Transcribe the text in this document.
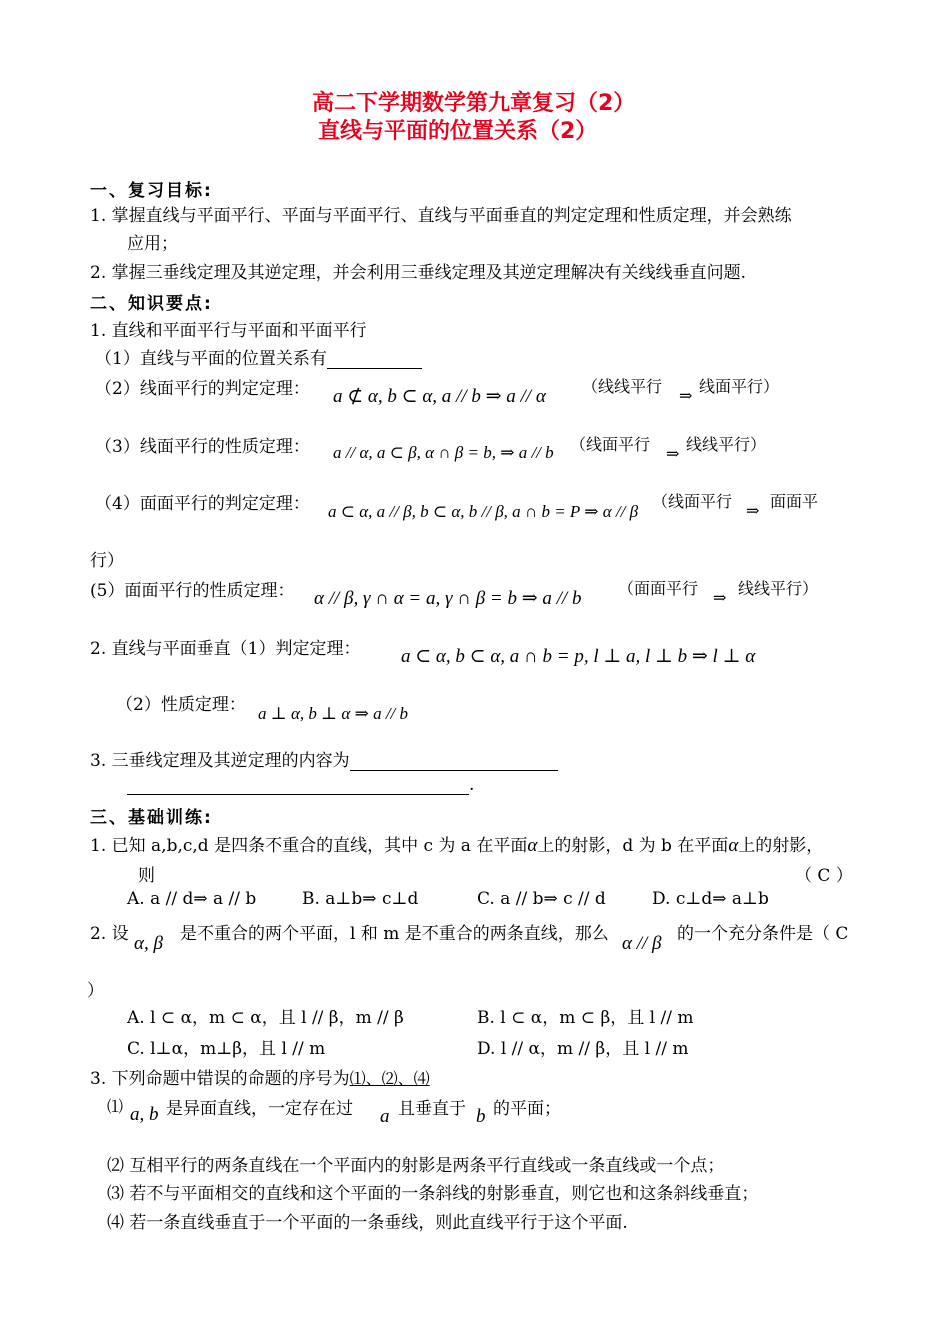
高二下学期数学第九章复习（2）
直线与平面的位置关系（2）
一、复习目标:
1. 掌握直线与平面平行、平面与平面平行、直线与平面垂直的判定定理和性质定理，并会熟练
应用；
2. 掌握三垂线定理及其逆定理，并会利用三垂线定理及其逆定理解决有关线线垂直问题.
二、知识要点:
1. 直线和平面平行与平面和平面平行
（1）直线与平面的位置关系有
（2）线面平行的判定定理： a ⊄ α, b ⊂ α, a // b ⇒ a // α （线线平行 ⇒ 线面平行）
（3）线面平行的性质定理： a // α, a ⊂ β, α ∩ β = b, ⇒ a // b （线面平行 ⇒ 线线平行）
（4）面面平行的判定定理： a ⊂ α, a // β, b ⊂ α, b // β, a ∩ b = P ⇒ α // β
（线面平行 ⇒ 面面平
行）
(5）面面平行的性质定理： α // β, γ ∩ α = a, γ ∩ β = b ⇒ a // b （面面平行 ⇒ 线线平行）
2. 直线与平面垂直（1）判定定理： a ⊂ α, b ⊂ α, a ∩ b = p, l ⊥ a, l ⊥ b ⇒ l ⊥ α
（2）性质定理： a ⊥ α, b ⊥ α ⇒ a // b
3. 三垂线定理及其逆定理的内容为
.
三、基础训练:
1. 已知 a,b,c,d 是四条不重合的直线，其中 c 为 a 在平面α上的射影，d 为 b 在平面α上的射影，
则	（ C ）
A. a // d⇒ a // b	B. a⊥b⇒ c⊥d	C. a // b⇒ c // d	D. c⊥d⇒ a⊥b
2. 设 α, β 是不重合的两个平面，l 和 m 是不重合的两条直线，那么 α // β 的一个充分条件是（ C
）
A. l ⊂ α，m ⊂ α，且 l // β，m // β	B. l ⊂ α，m ⊂ β，且 l // m
C. l⊥α，m⊥β，且 l // m	D. l // α，m // β，且 l // m
3. 下列命题中错误的命题的序号为⑴、⑵、⑷
⑴ a, b 是异面直线，一定存在过 a 且垂直于 b 的平面；
⑵ 互相平行的两条直线在一个平面内的射影是两条平行直线或一条直线或一个点；
⑶ 若不与平面相交的直线和这个平面的一条斜线的射影垂直，则它也和这条斜线垂直；
⑷ 若一条直线垂直于一个平面的一条垂线，则此直线平行于这个平面.
